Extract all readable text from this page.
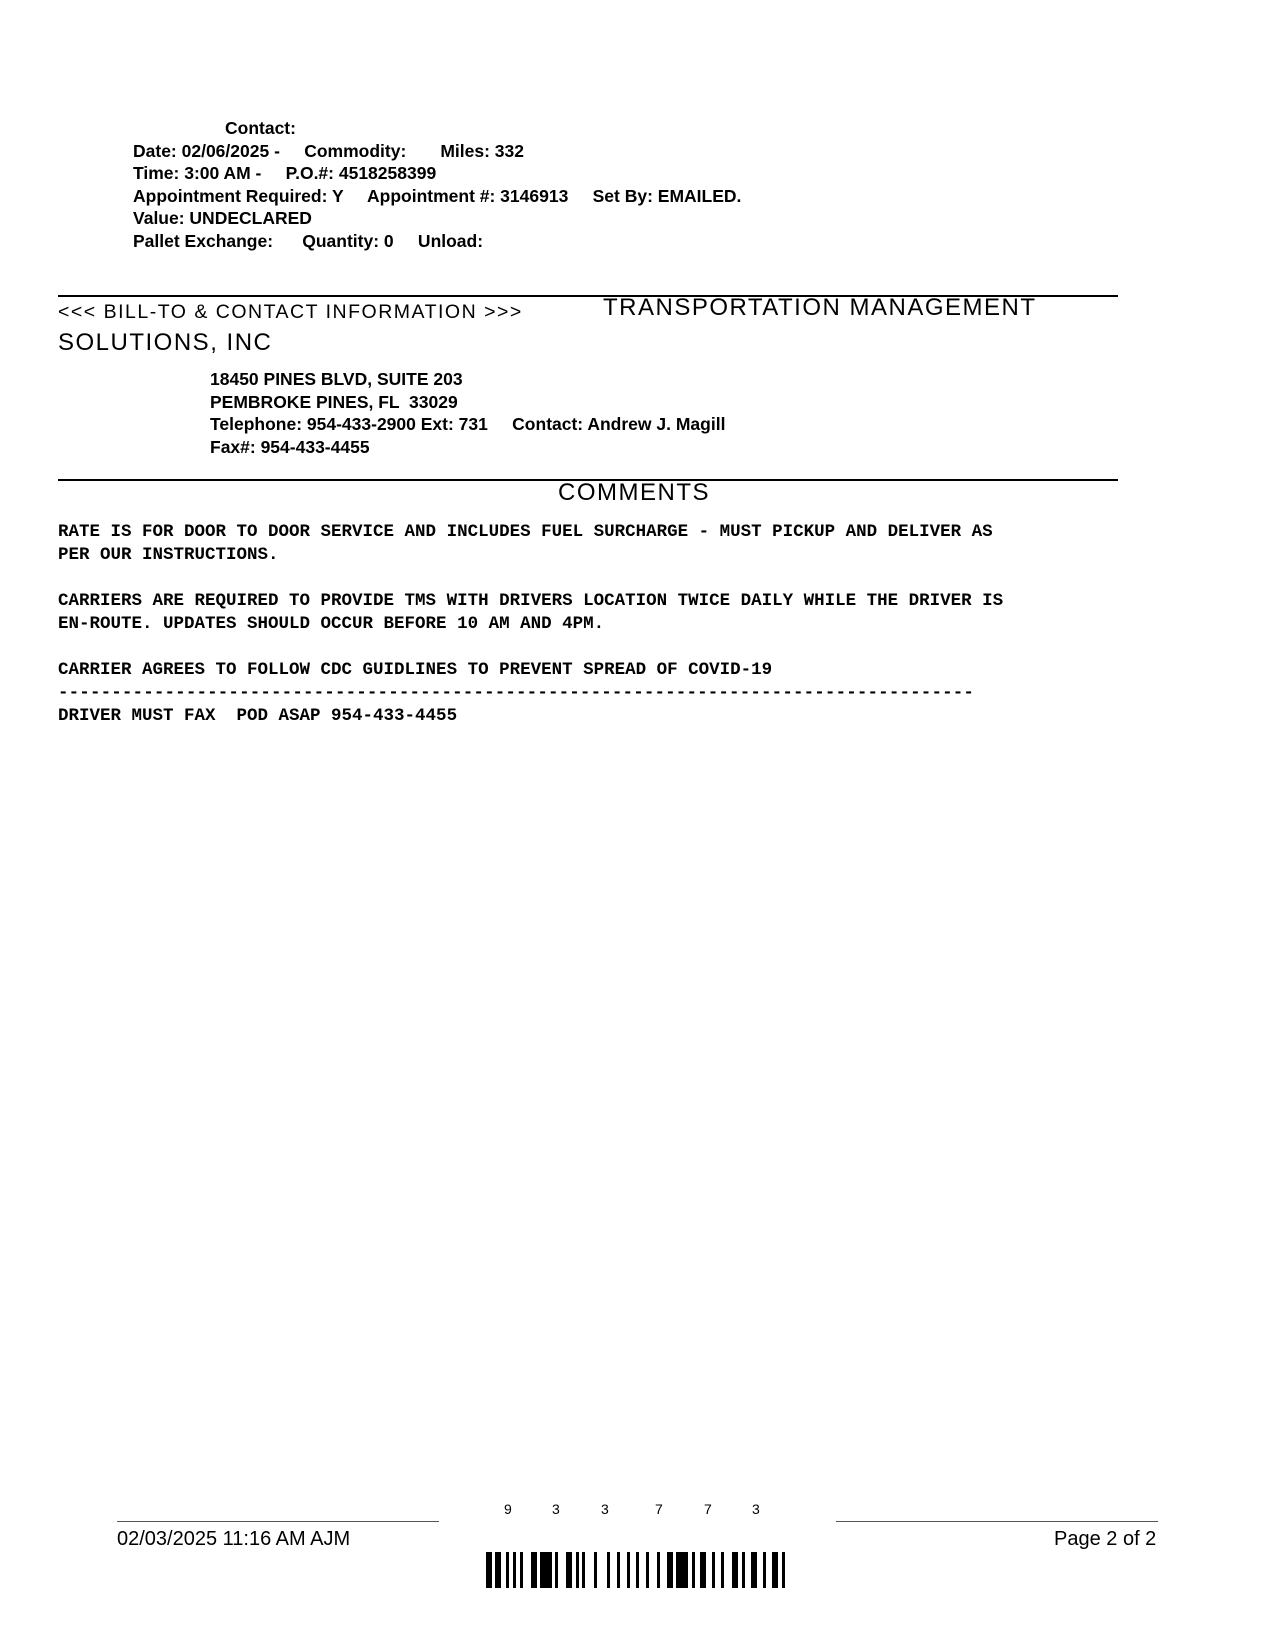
Contact:
Date: 02/06/2025 -     Commodity:       Miles: 332
Time: 3:00 AM -     P.O.#: 4518258399
Appointment Required: Y     Appointment #: 3146913     Set By: EMAILED.
Value: UNDECLARED
Pallet Exchange:      Quantity: 0     Unload:
<<< BILL-TO & CONTACT INFORMATION >>>	TRANSPORTATION MANAGEMENT
SOLUTIONS, INC
18450 PINES BLVD, SUITE 203
PEMBROKE PINES, FL  33029
Telephone: 954-433-2900 Ext: 731     Contact: Andrew J. Magill
Fax#: 954-433-4455
COMMENTS
RATE IS FOR DOOR TO DOOR SERVICE AND INCLUDES FUEL SURCHARGE - MUST PICKUP AND DELIVER AS
PER OUR INSTRUCTIONS.
CARRIERS ARE REQUIRED TO PROVIDE TMS WITH DRIVERS LOCATION TWICE DAILY WHILE THE DRIVER IS
EN-ROUTE. UPDATES SHOULD OCCUR BEFORE 10 AM AND 4PM.
CARRIER AGREES TO FOLLOW CDC GUIDLINES TO PREVENT SPREAD OF COVID-19
--------------------------------------------------------------------------------------
DRIVER MUST FAX  POD ASAP 954-433-4455
02/03/2025 11:16 AM AJM	Page 2 of 2
9	3	3	7	7	3
